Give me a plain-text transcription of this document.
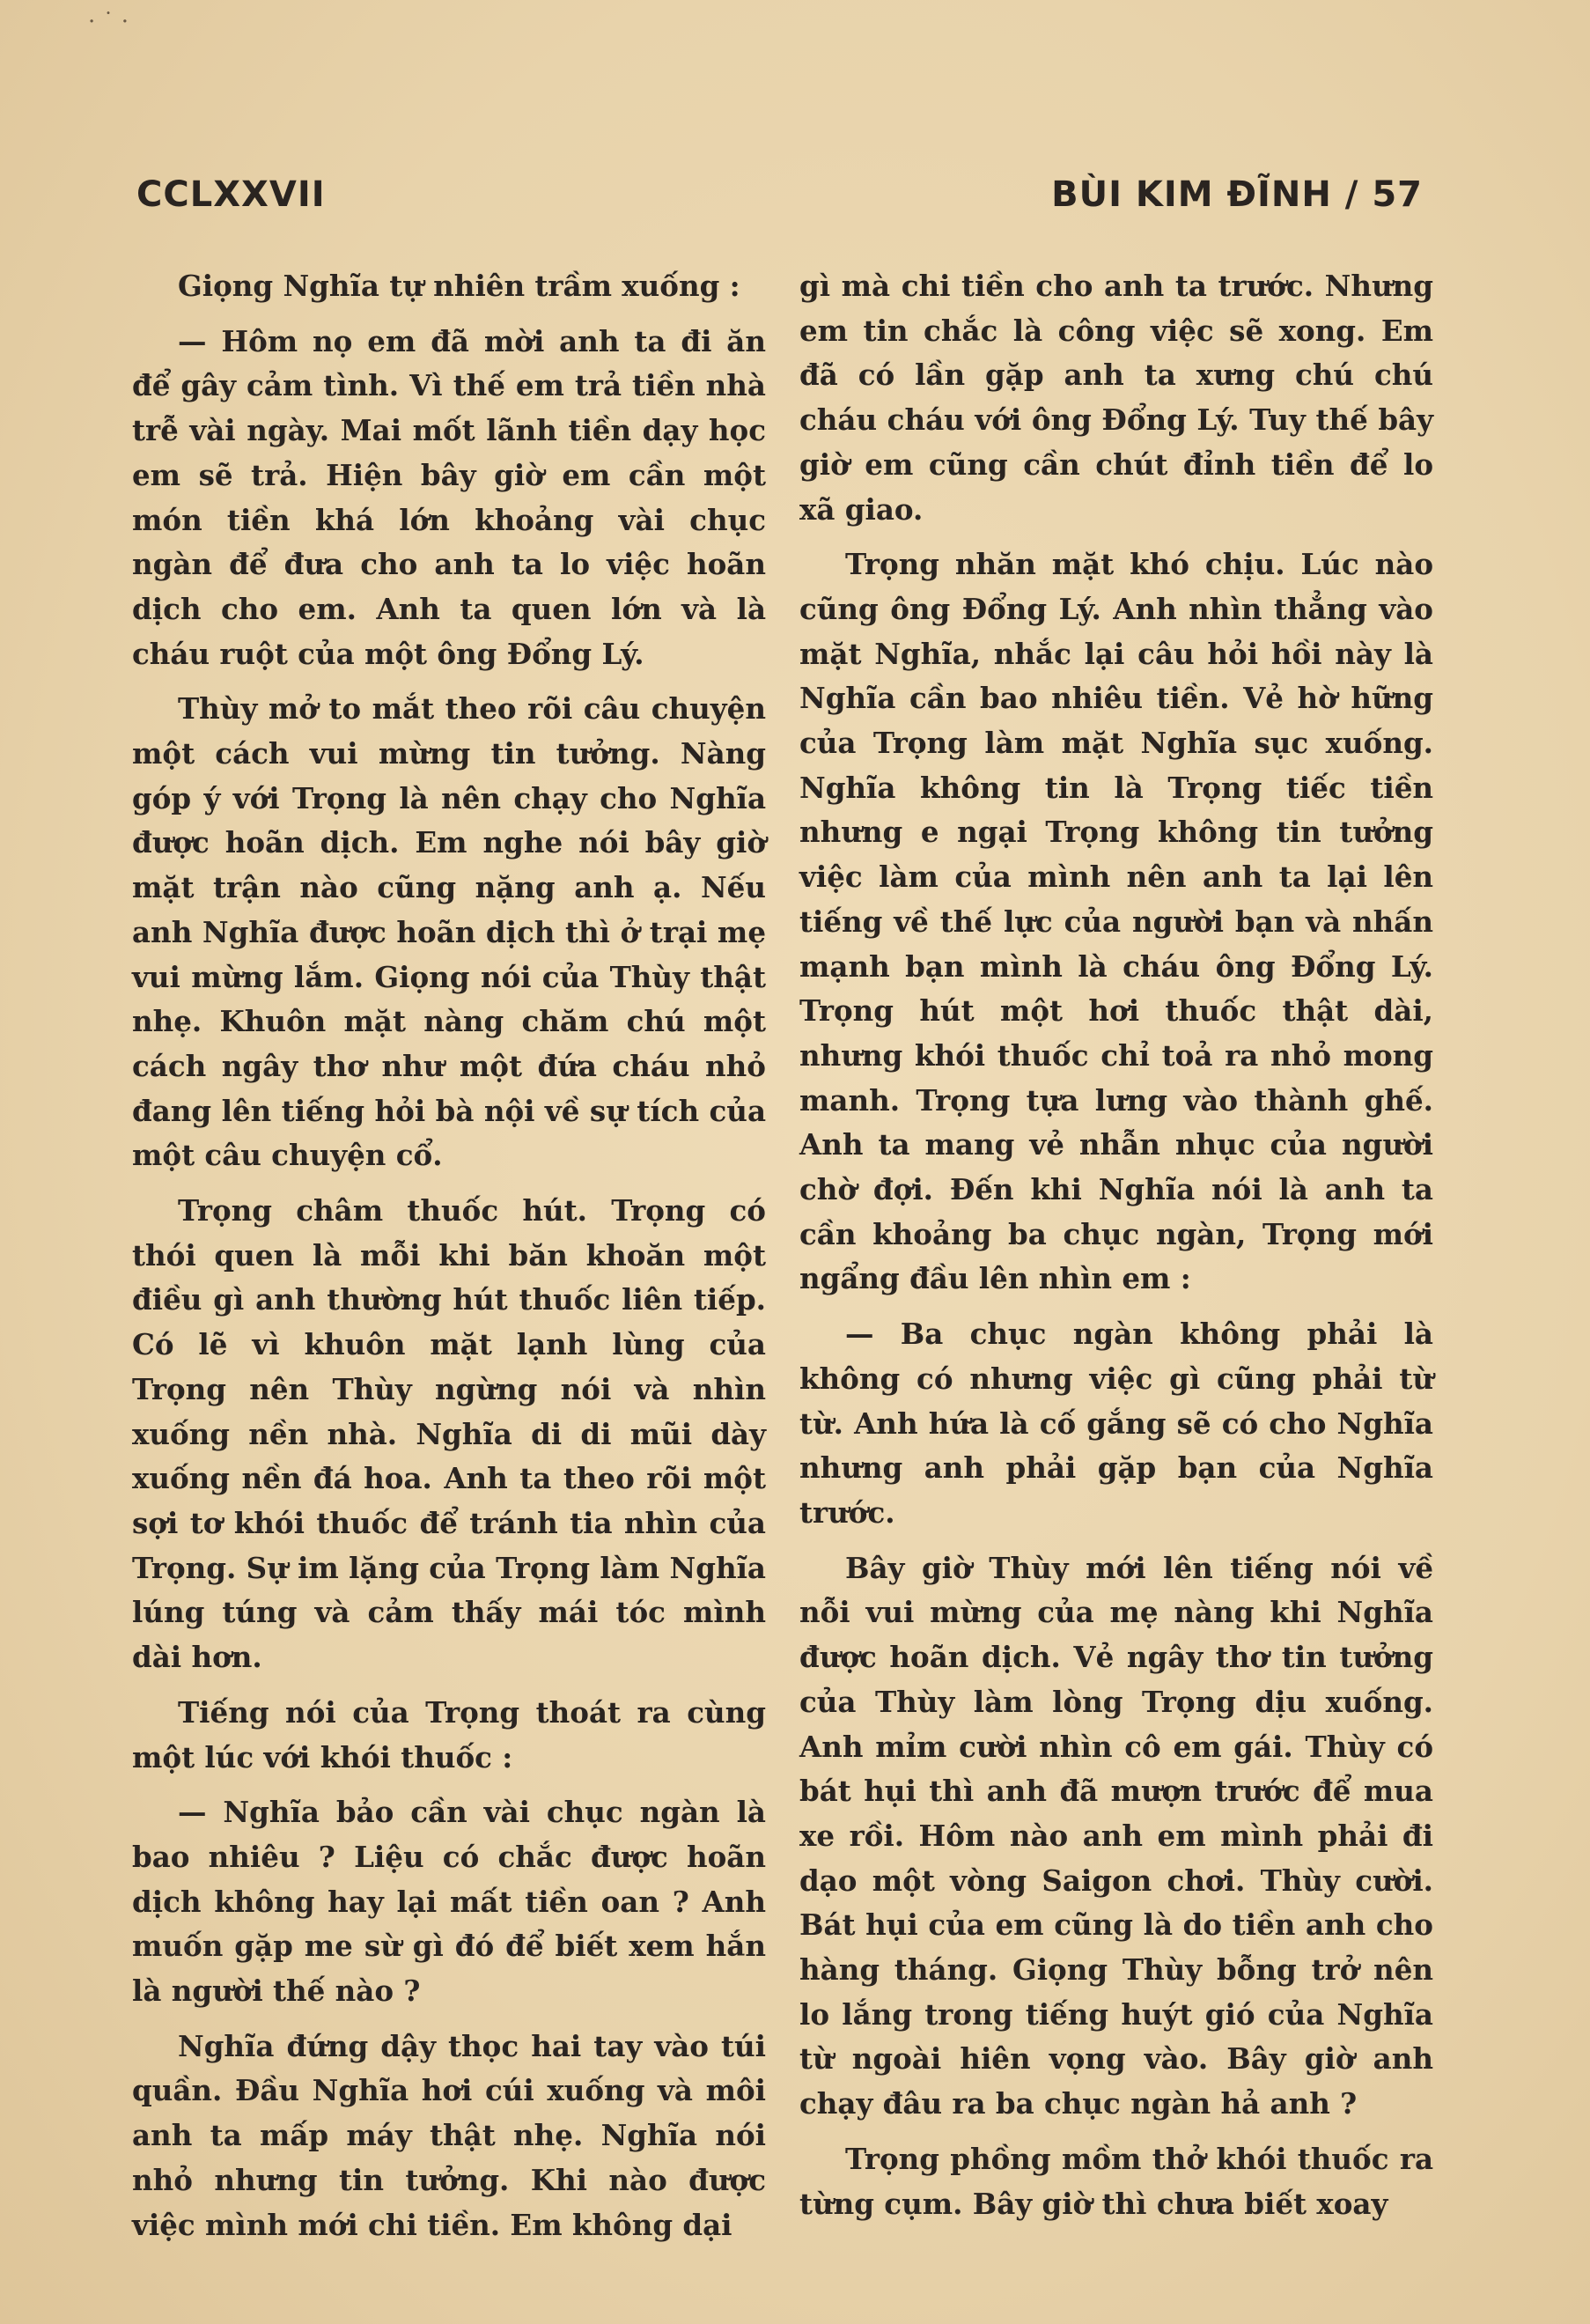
· ˙ ·
CCLXXVII	BÙI KIM ĐĨNH / 57

Giọng Nghĩa tự nhiên trầm xuống :

— Hôm nọ em đã mời anh ta đi ăn để gây cảm tình. Vì thế em trả tiền nhà trễ vài ngày. Mai mốt lãnh tiền dạy học em sẽ trả. Hiện bây giờ em cần một món tiền khá lớn khoảng vài chục ngàn để đưa cho anh ta lo việc hoãn dịch cho em. Anh ta quen lớn và là cháu ruột của một ông Đổng Lý.

Thùy mở to mắt theo rõi câu chuyện một cách vui mừng tin tưởng. Nàng góp ý với Trọng là nên chạy cho Nghĩa được hoãn dịch. Em nghe nói bây giờ mặt trận nào cũng nặng anh ạ. Nếu anh Nghĩa được hoãn dịch thì ở trại mẹ vui mừng lắm. Giọng nói của Thùy thật nhẹ. Khuôn mặt nàng chăm chú một cách ngây thơ như một đứa cháu nhỏ đang lên tiếng hỏi bà nội về sự tích của một câu chuyện cổ.

Trọng châm thuốc hút. Trọng có thói quen là mỗi khi băn khoăn một điều gì anh thường hút thuốc liên tiếp. Có lẽ vì khuôn mặt lạnh lùng của Trọng nên Thùy ngừng nói và nhìn xuống nền nhà. Nghĩa di di mũi dày xuống nền đá hoa. Anh ta theo rõi một sợi tơ khói thuốc để tránh tia nhìn của Trọng. Sự im lặng của Trọng làm Nghĩa lúng túng và cảm thấy mái tóc mình dài hơn.

Tiếng nói của Trọng thoát ra cùng một lúc với khói thuốc :

— Nghĩa bảo cần vài chục ngàn là bao nhiêu ? Liệu có chắc được hoãn dịch không hay lại mất tiền oan ? Anh muốn gặp me sừ gì đó để biết xem hắn là người thế nào ?

Nghĩa đứng dậy thọc hai tay vào túi quần. Đầu Nghĩa hơi cúi xuống và môi anh ta mấp máy thật nhẹ. Nghĩa nói nhỏ nhưng tin tưởng. Khi nào được việc mình mới chi tiền. Em không dại

gì mà chi tiền cho anh ta trước. Nhưng em tin chắc là công việc sẽ xong. Em đã có lần gặp anh ta xưng chú chú cháu cháu với ông Đổng Lý. Tuy thế bây giờ em cũng cần chút đỉnh tiền để lo xã giao.

Trọng nhăn mặt khó chịu. Lúc nào cũng ông Đổng Lý. Anh nhìn thẳng vào mặt Nghĩa, nhắc lại câu hỏi hồi này là Nghĩa cần bao nhiêu tiền. Vẻ hờ hững của Trọng làm mặt Nghĩa sục xuống. Nghĩa không tin là Trọng tiếc tiền nhưng e ngại Trọng không tin tưởng việc làm của mình nên anh ta lại lên tiếng về thế lực của người bạn và nhấn mạnh bạn mình là cháu ông Đổng Lý. Trọng hút một hơi thuốc thật dài, nhưng khói thuốc chỉ toả ra nhỏ mong manh. Trọng tựa lưng vào thành ghế. Anh ta mang vẻ nhẫn nhục của người chờ đợi. Đến khi Nghĩa nói là anh ta cần khoảng ba chục ngàn, Trọng mới ngẩng đầu lên nhìn em :

— Ba chục ngàn không phải là không có nhưng việc gì cũng phải từ từ. Anh hứa là cố gắng sẽ có cho Nghĩa nhưng anh phải gặp bạn của Nghĩa trước.

Bây giờ Thùy mới lên tiếng nói về nỗi vui mừng của mẹ nàng khi Nghĩa được hoãn dịch. Vẻ ngây thơ tin tưởng của Thùy làm lòng Trọng dịu xuống. Anh mỉm cười nhìn cô em gái. Thùy có bát hụi thì anh đã mượn trước để mua xe rồi. Hôm nào anh em mình phải đi dạo một vòng Saigon chơi. Thùy cười. Bát hụi của em cũng là do tiền anh cho hàng tháng. Giọng Thùy bỗng trở nên lo lắng trong tiếng huýt gió của Nghĩa từ ngoài hiên vọng vào. Bây giờ anh chạy đâu ra ba chục ngàn hả anh ?

Trọng phồng mồm thở khói thuốc ra từng cụm. Bây giờ thì chưa biết xoay
